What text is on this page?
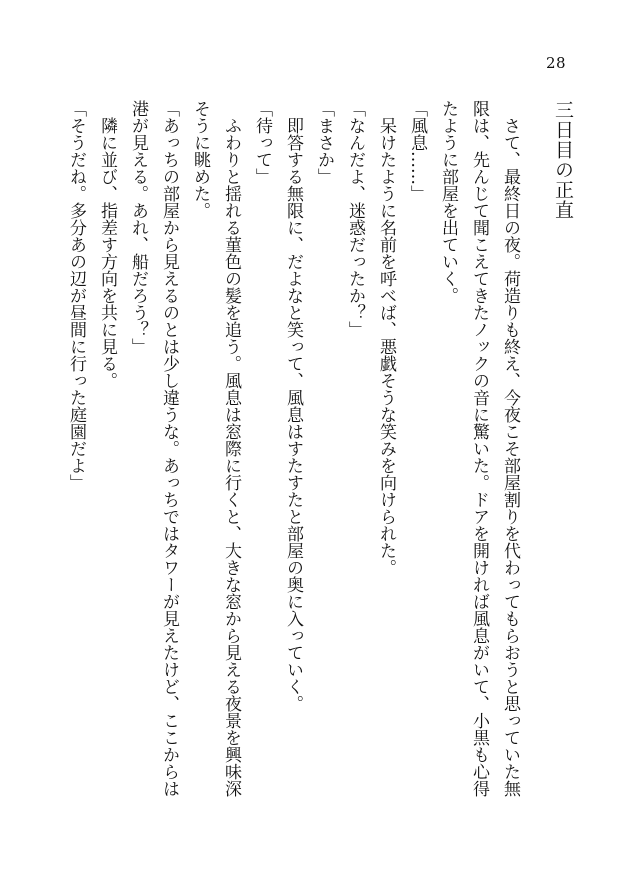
28
三日目の正直
さて、最終日の夜。荷造りも終え、今夜こそ部屋割りを代わってもらおうと思っていた無限は、先んじて聞こえてきたノックの音に驚いた。ドアを開ければ風息がいて、小黒も心得たように部屋を出ていく。
「風息……」
呆けたように名前を呼べば、悪戯そうな笑みを向けられた。
「なんだよ、迷惑だったか？」
「まさか」
即答する無限に、だよなと笑って、風息はすたすたと部屋の奥に入っていく。
「待って」
ふわりと揺れる菫色の髪を追う。風息は窓際に行くと、大きな窓から見える夜景を興味深そうに眺めた。
「あっちの部屋から見えるのとは少し違うな。あっちではタワーが見えたけど、ここからは港が見える。あれ、船だろう？」
隣に並び、指差す方向を共に見る。
「そうだね。多分あの辺が昼間に行った庭園だよ」
